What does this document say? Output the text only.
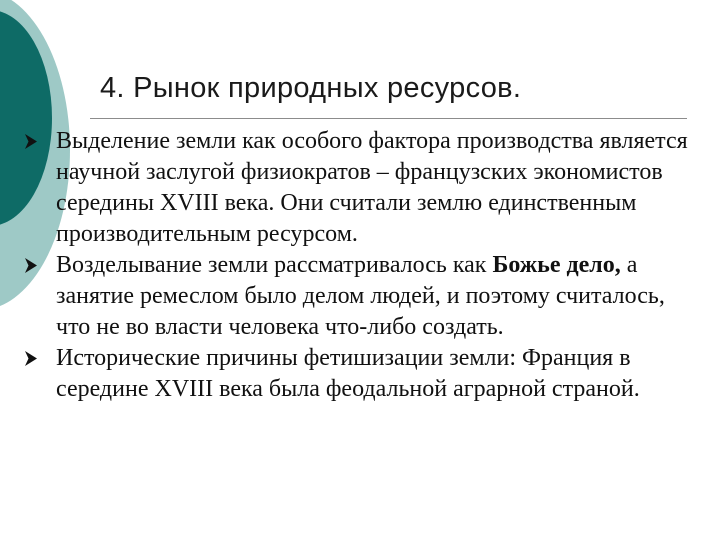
4. Рынок природных ресурсов.
Выделение земли как особого фактора производства является научной заслугой физиократов – французских экономистов середины XVIII века. Они считали землю единственным производительным ресурсом.
Возделывание земли рассматривалось как Божье дело, а занятие ремеслом было делом людей, и поэтому считалось, что не во власти человека что-либо создать.
Исторические причины фетишизации земли: Франция в середине XVIII века была феодальной аграрной страной.
